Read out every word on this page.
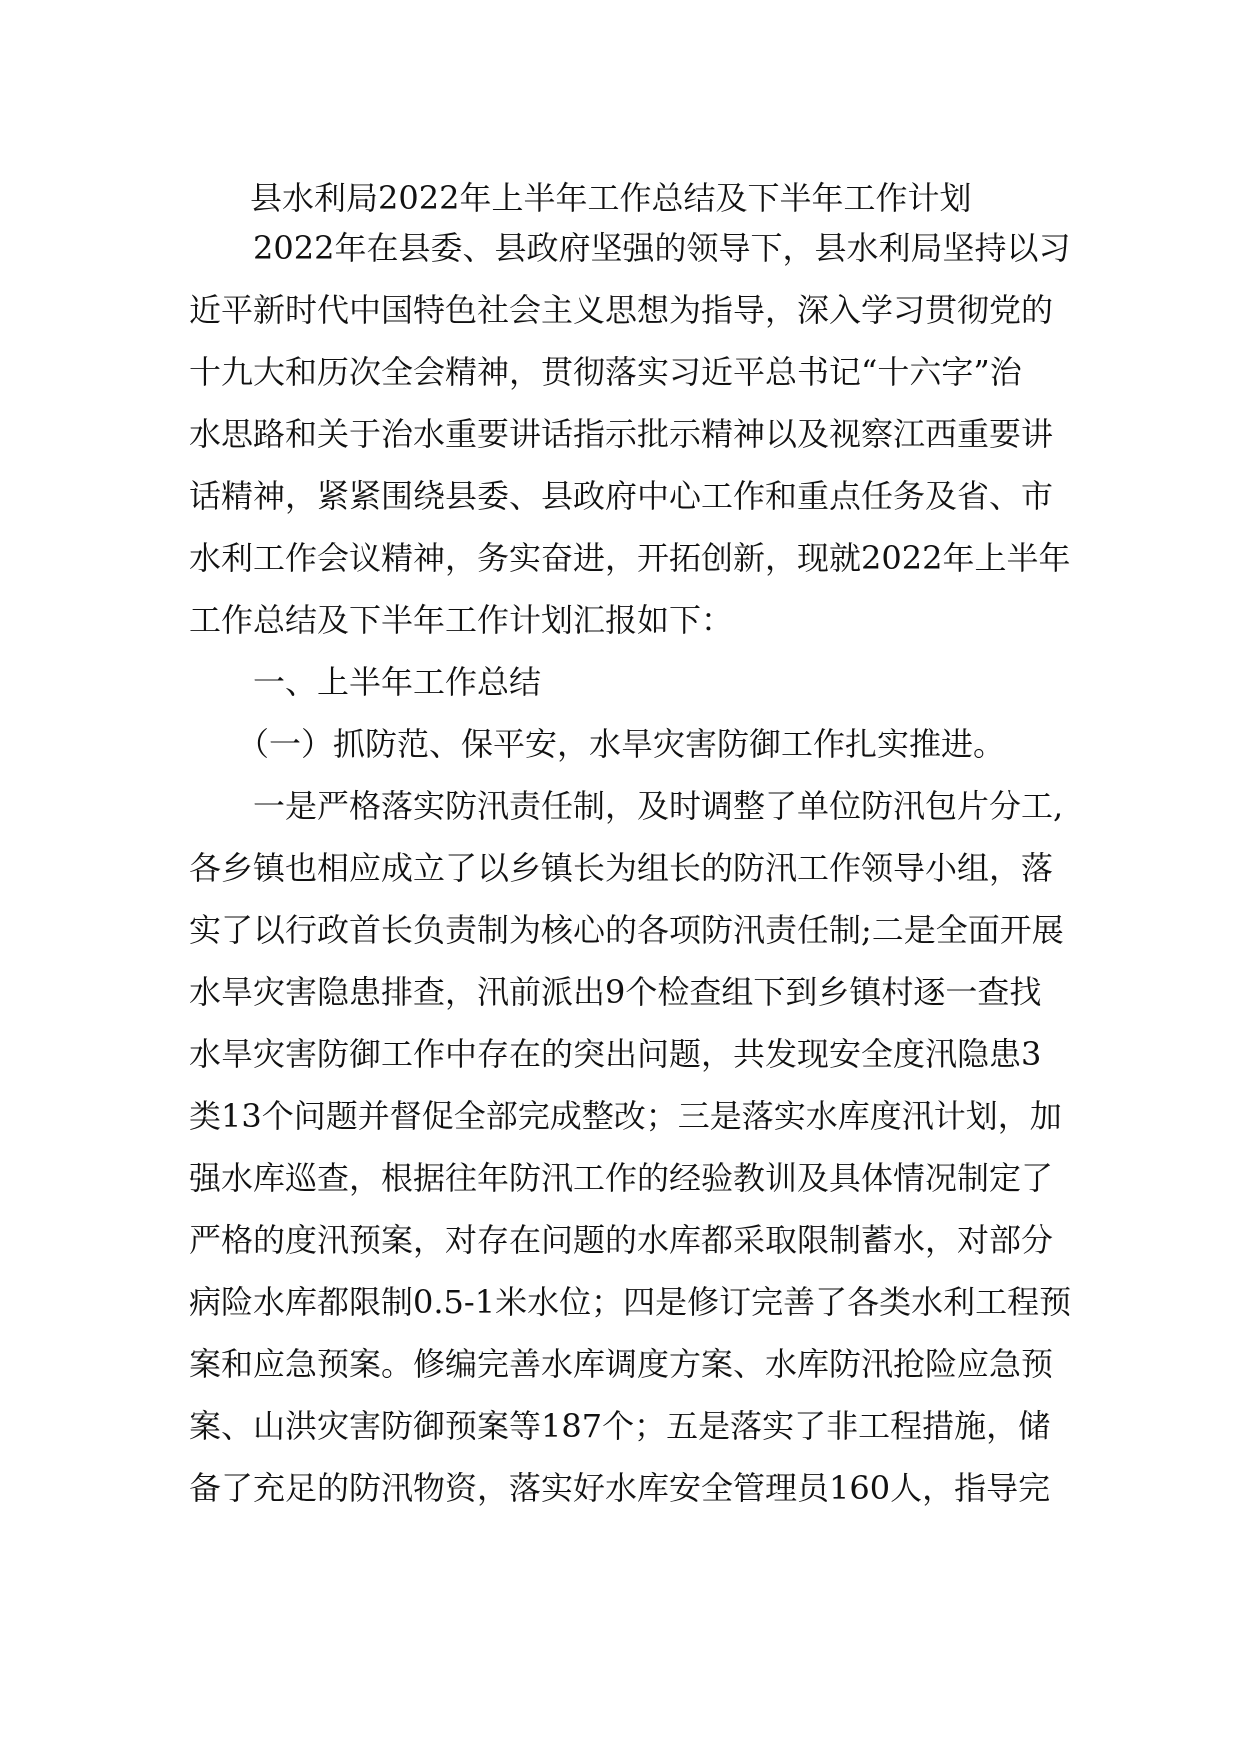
县水利局2022年上半年工作总结及下半年工作计划
　　2022年在县委、县政府坚强的领导下，县水利局坚持以习
近平新时代中国特色社会主义思想为指导，深入学习贯彻党的
十九大和历次全会精神，贯彻落实习近平总书记“十六字”治
水思路和关于治水重要讲话指示批示精神以及视察江西重要讲
话精神，紧紧围绕县委、县政府中心工作和重点任务及省、市
水利工作会议精神，务实奋进，开拓创新，现就2022年上半年
工作总结及下半年工作计划汇报如下：
　　一、上半年工作总结
　　（一）抓防范、保平安，水旱灾害防御工作扎实推进。
　　一是严格落实防汛责任制，及时调整了单位防汛包片分工,
各乡镇也相应成立了以乡镇长为组长的防汛工作领导小组，落
实了以行政首长负责制为核心的各项防汛责任制;二是全面开展
水旱灾害隐患排查，汛前派出9个检查组下到乡镇村逐一查找
水旱灾害防御工作中存在的突出问题，共发现安全度汛隐患3
类13个问题并督促全部完成整改；三是落实水库度汛计划，加
强水库巡查，根据往年防汛工作的经验教训及具体情况制定了
严格的度汛预案，对存在问题的水库都采取限制蓄水，对部分
病险水库都限制0.5-1米水位；四是修订完善了各类水利工程预
案和应急预案。修编完善水库调度方案、水库防汛抢险应急预
案、山洪灾害防御预案等187个；五是落实了非工程措施，储
备了充足的防汛物资，落实好水库安全管理员160人，指导完
